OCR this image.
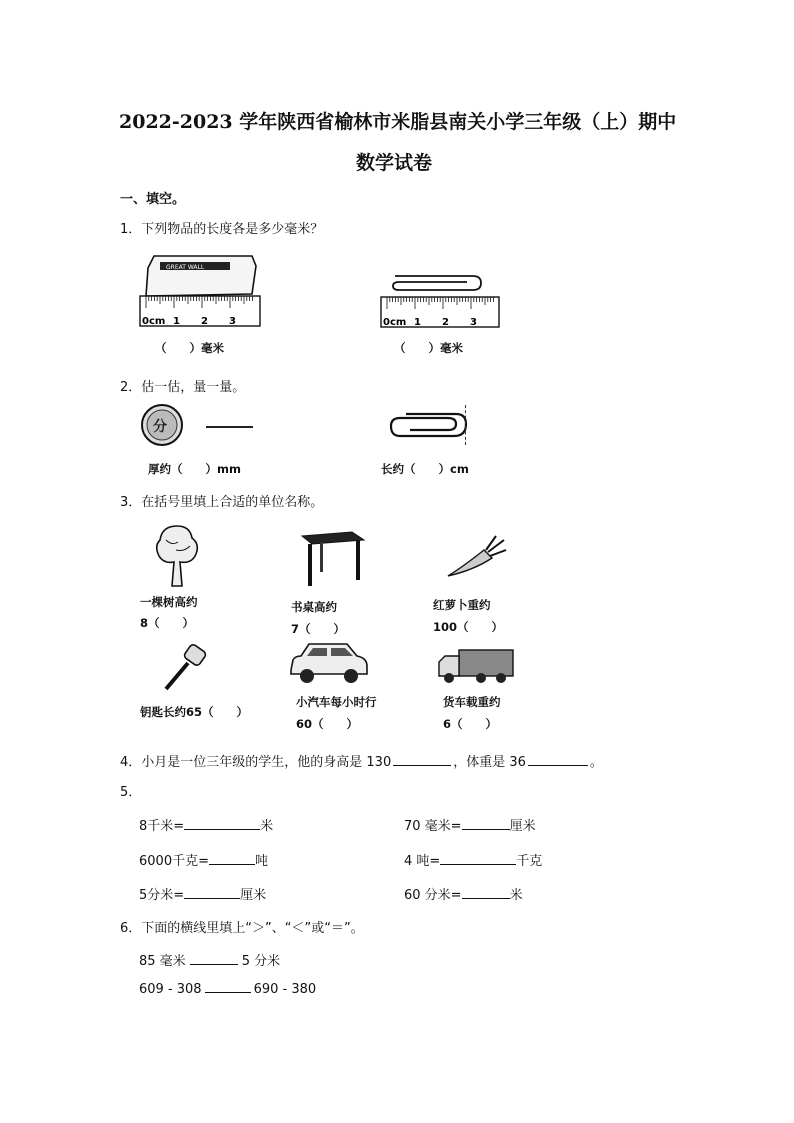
2022-2023 学年陕西省榆林市米脂县南关小学三年级（上）期中
数学试卷
一、填空。
1．下列物品的长度各是多少毫米？
GREAT WALL
0cm 1 2 3
（　　）毫米
0cm 1 2 3
（　　）毫米
2．估一估，量一量。
分
厚约（　　）mm	长约（　　）cm
3．在括号里填上合适的单位名称。
一棵树高约
8（　　）
书桌高约
7（　　）
红萝卜重约
100（　　）
钥匙长约65（　　）
小汽车每小时行
60（　　）
货车载重约
6（　　）
4．小月是一位三年级的学生，他的身高是 130	，体重是 36	。
5．
8千米=	米	70 毫米=	厘米
6000千克=	吨	4 吨=	千克
5分米=	厘米	60 分米=	米
6．下面的横线里填上“＞”、“＜”或“＝”。
85 毫米	5 分米
609 - 308	690 - 380
